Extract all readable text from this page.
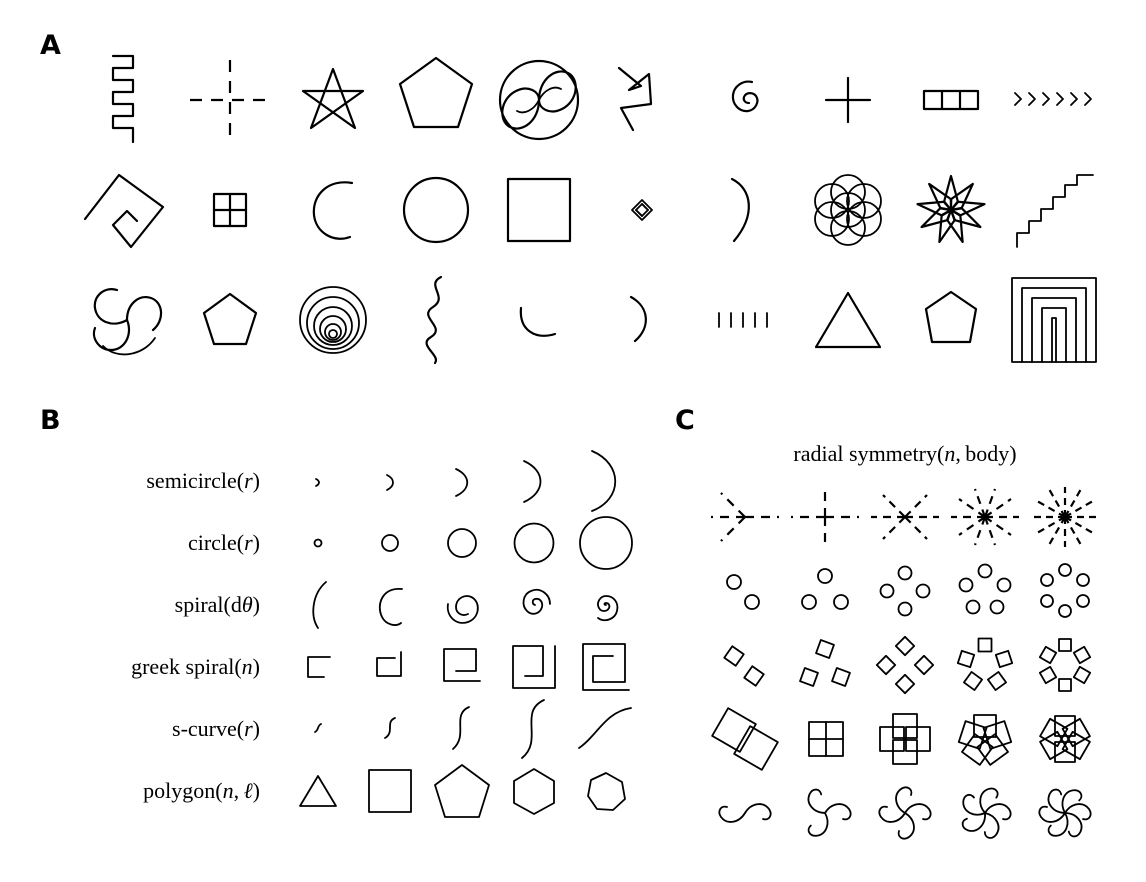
A
B
semicircle(r)
circle(r)
spiral(dθ)
greek spiral(n)
s-curve(r)
polygon(n, ℓ)
C
radial symmetry(n, body)
